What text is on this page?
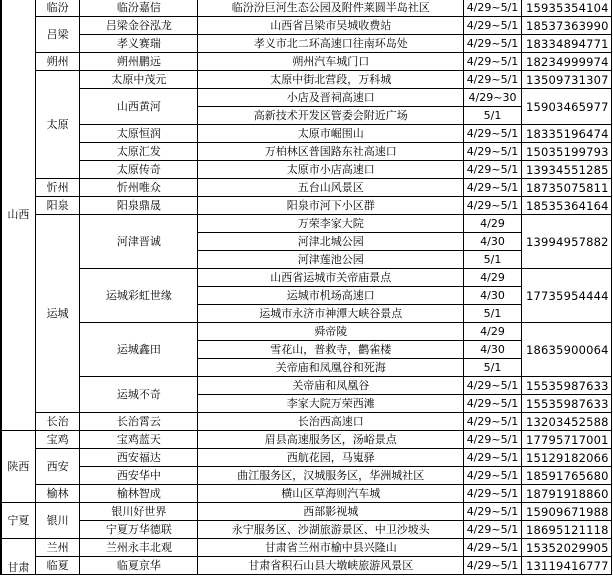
山西	临汾	临汾嘉信	临汾汾巨河生态公园及附件莱圆半岛社区	4/29~5/1	15935354104
	吕梁	吕梁金谷泓龙	山西省吕梁市吴城收费站	4/29~5/1	18537363990
		孝义赛瑞	孝义市北二环高速口往南环岛处	4/29~5/1	18334894771
	朔州	朔州鹏远	朔州汽车城门口	4/29~5/1	18234999974
	太原	太原中茂元	太原中街北营段，万科城	4/29~5/1	13509731307
		山西黄河	小店及晋祠高速口	4/29~30	15903465977
			高新技术开发区管委会附近广场	5/1	
		太原恒润	太原市崛围山	4/29~5/1	18335196474
		太原汇发	万柏林区普国路东社高速口	4/29~5/1	15035199793
		太原传奇	太原市小店高速口	4/29~5/1	13934551285
	忻州	忻州唯众	五台山风景区	4/29~5/1	18735075811
	阳泉	阳泉鼎晟	阳泉市河下小区群	4/29~5/1	18535364164
	运城	河津晋诚	万荣李家大院	4/29	13994957882
			河津北城公园	4/30	
			河津莲池公园	5/1	
		运城彩虹世缘	山西省运城市关帝庙景点	4/29	17735954444
			运城市机场高速口	4/30	
			运城市永济市神潭大峡谷景点	5/1	
		运城鑫田	舜帝陵	4/29	18635900064
			雪花山，普救寺，鹳雀楼	4/30	
			关帝庙和凤凰谷和死海	5/1	
		运城不奇	关帝庙和凤凰谷	4/29~5/1	15535987633
			李家大院万荣西滩	4/29~5/1	15535987633
	长治	长治霄云	长治西高速口	4/29~5/1	13203452588
陕西	宝鸡	宝鸡蓝天	眉县高速服务区，汤峪景点	4/29~5/1	17795717001
	西安	西安福达	西航花园，马嵬驿	4/29~5/1	15129182066
		西安华中	曲江服务区，汉城服务区，华洲城社区	4/29~5/1	18591765680
	榆林	榆林智成	横山区草海则汽车城	4/29~5/1	18791918860
宁夏	银川	银川好世界	西部影视城	4/29~5/1	15909671988
		宁夏万华德联	永宁服务区、沙湖旅游景区、中卫沙坡头	4/29~5/1	18695121118
甘肃	兰州	兰州永丰北观	甘肃省兰州市榆中县兴隆山	4/29~5/1	15352029905
	临夏	临夏京华	甘肃省积石山县大墩峡旅游风景区	4/29~5/1	13119416777
